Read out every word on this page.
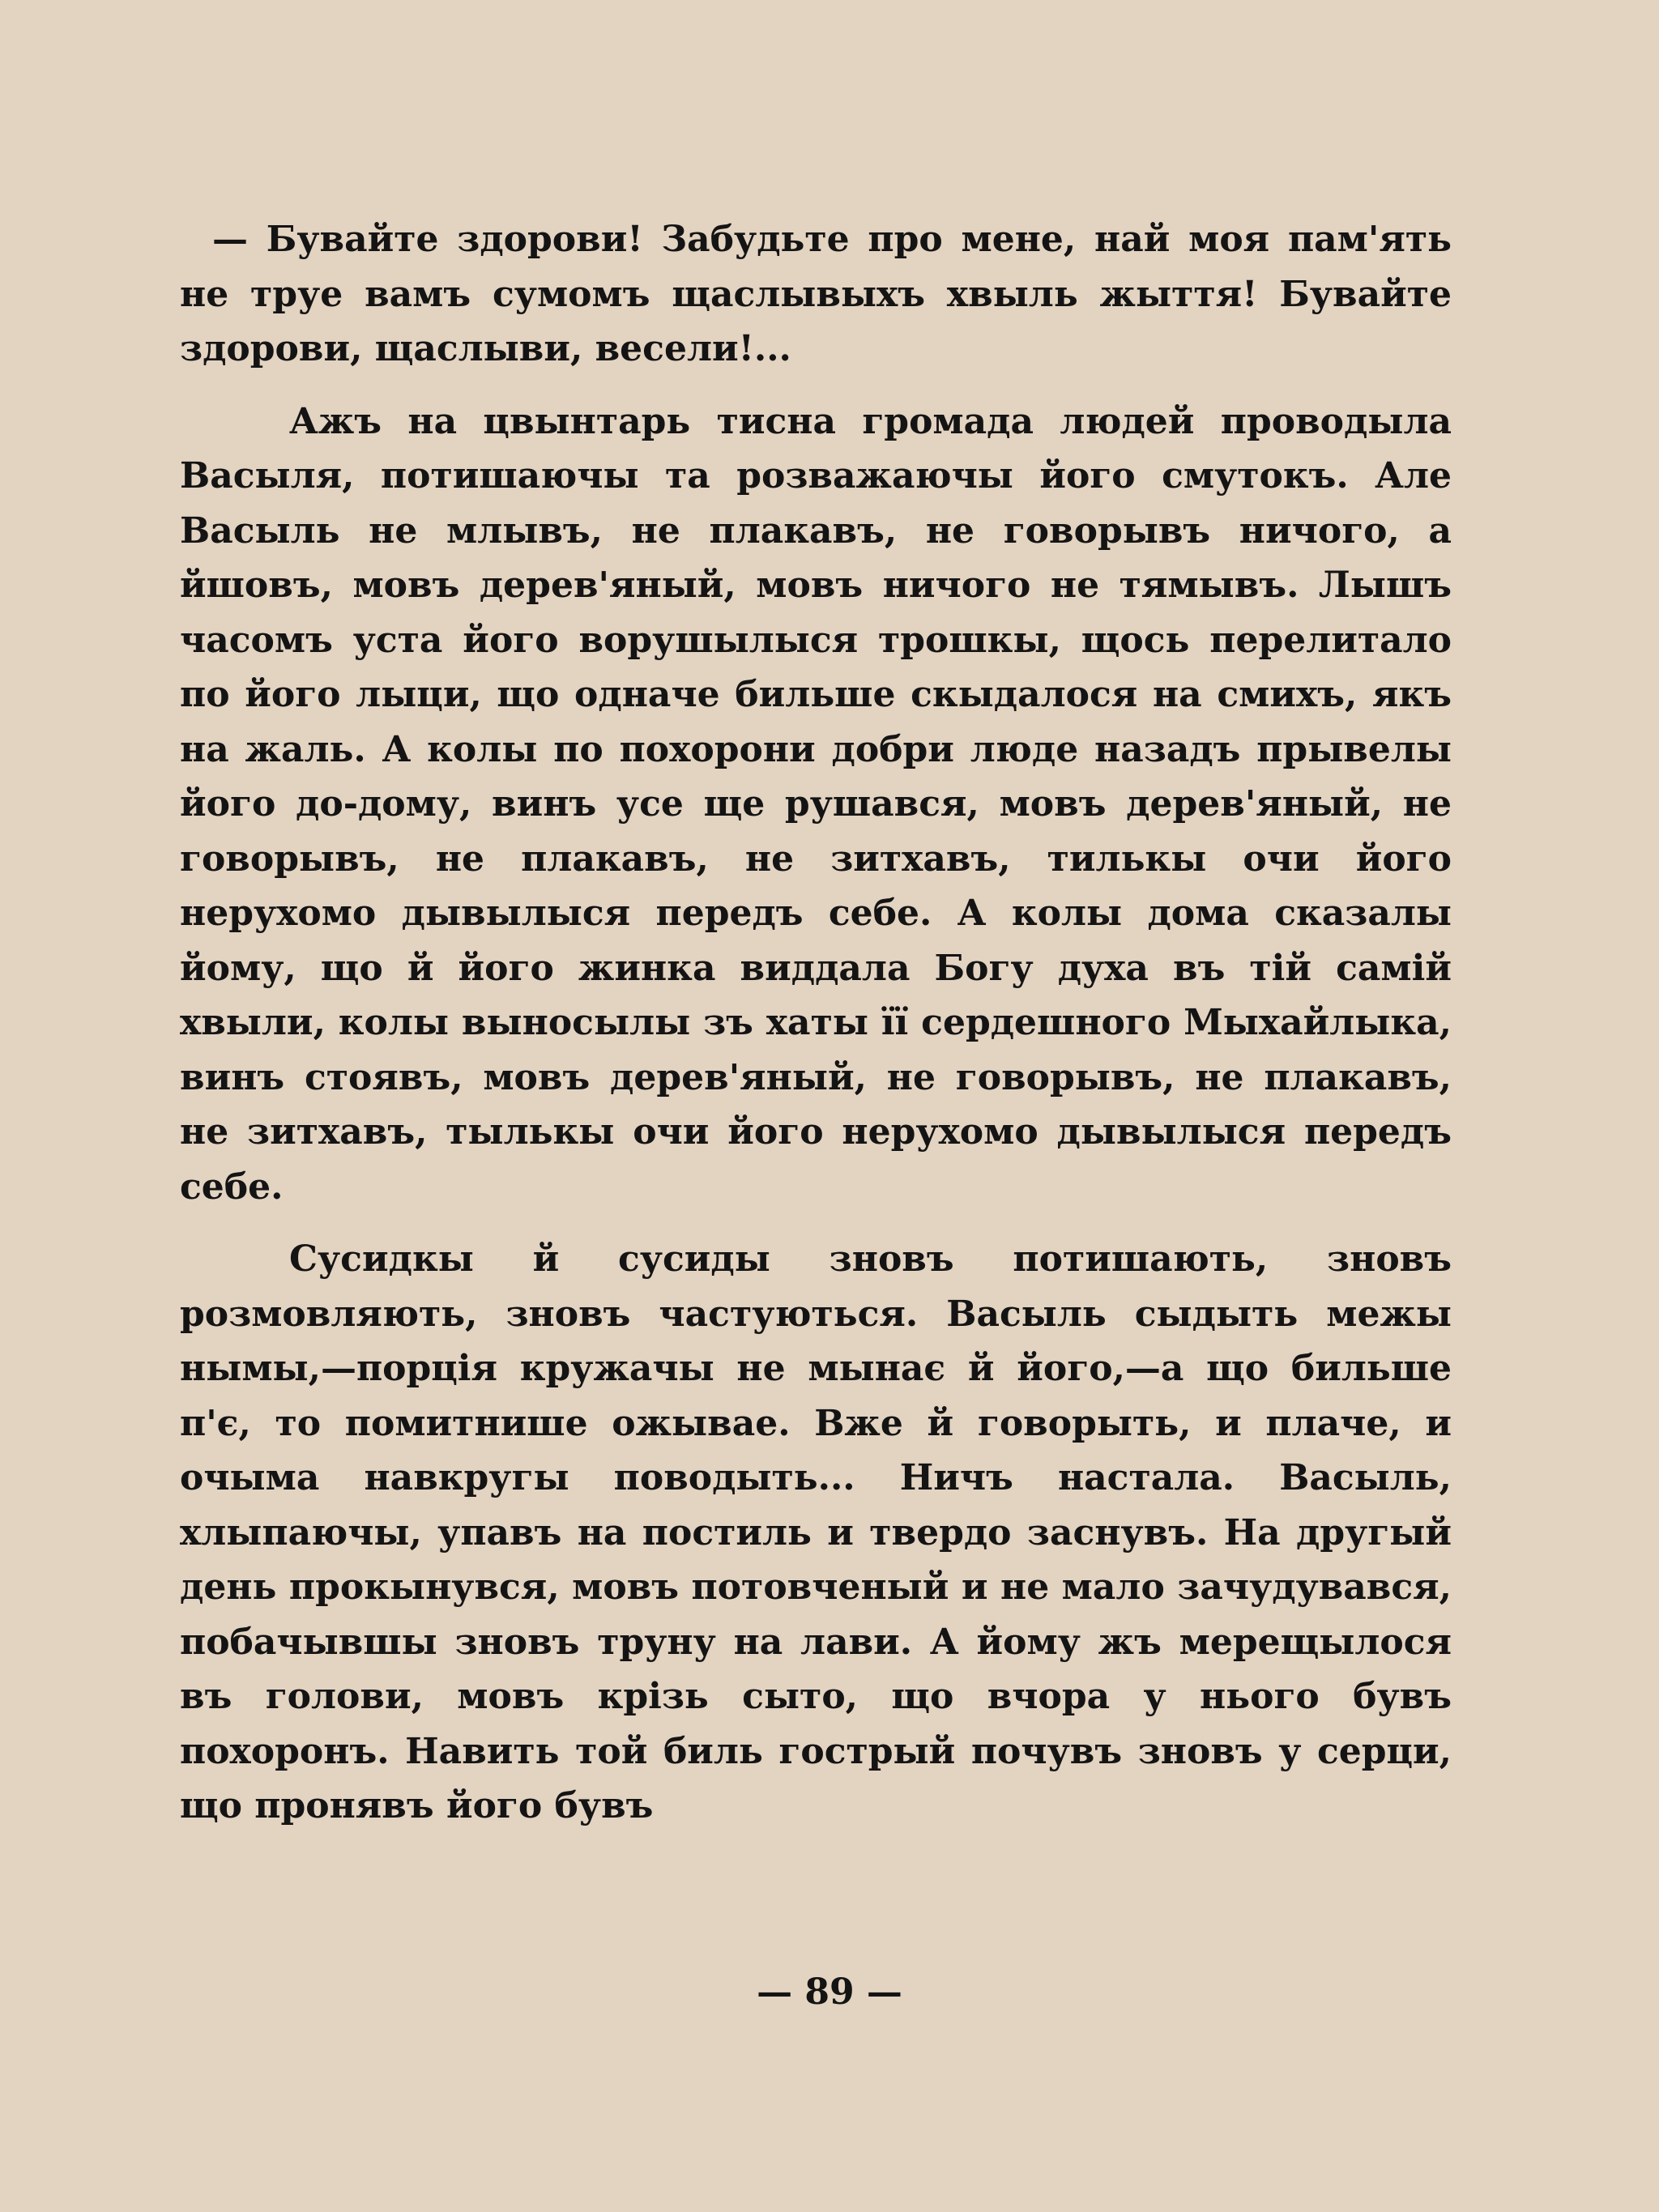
— Бувайте здорови! Забудьте про мене, най моя пам'ять не труе вамъ сумомъ щаслывыхъ хвыль жыття! Бувайте здорови, щаслыви, весели!...

Ажъ на цвынтарь тисна громада людей проводыла Васыля, потишаючы та розважаючы його смутокъ. Але Васыль не млывъ, не плакавъ, не говорывъ ничого, а йшовъ, мовъ дерев'яный, мовъ ничого не тямывъ. Лышъ часомъ уста його ворушылыся трошкы, щось перелитало по його лыци, що одначе бильше скыдалося на смихъ, якъ на жаль. А колы по похорони добри люде назадъ прывелы його до-дому, винъ усе ще рушався, мовъ дерев'яный, не говорывъ, не плакавъ, не зитхавъ, тилькы очи його нерухомо дывылыся передъ себе. А колы дома сказалы йому, що й його жинка виддала Богу духа въ тій самій хвыли, колы выносылы зъ хаты її сердешного Мыхайлыка, винъ стоявъ, мовъ дерев'яный, не говорывъ, не плакавъ, не зитхавъ, тылькы очи його нерухомо дывылыся передъ себе.

Сусидкы й сусиды зновъ потишають, зновъ розмовляють, зновъ частуються. Васыль сыдыть межы нымы,—порція кружачы не мынає й його,—а що бильше п'є, то помитнише ожывае. Вже й говорыть, и плаче, и очыма навкругы поводыть... Ничъ настала. Васыль, хлыпаючы, упавъ на постиль и твердо заснувъ. На другый день прокынувся, мовъ потовченый и не мало зачудувався, побачывшы зновъ труну на лави. А йому жъ мерещылося въ голови, мовъ крізь сыто, що вчора у нього бувъ похоронъ. Навить той биль гострый почувъ зновъ у серци, що пронявъ його бувъ

— 89 —
